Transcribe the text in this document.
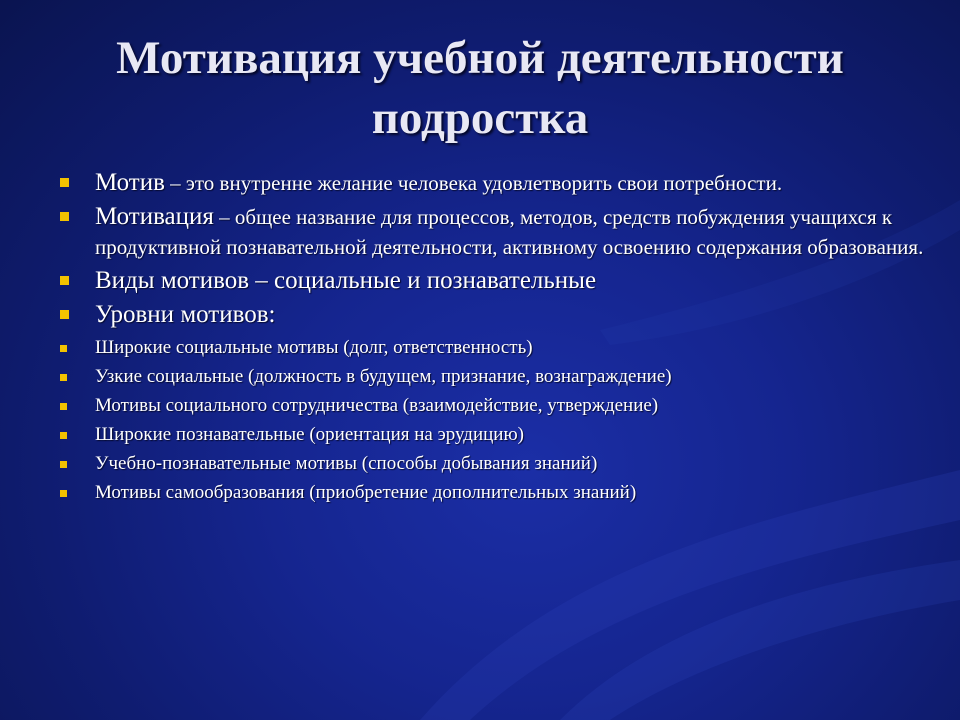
Мотивация учебной деятельности подростка
Мотив – это внутренне желание человека удовлетворить свои потребности.
Мотивация – общее название для процессов, методов, средств побуждения учащихся к продуктивной познавательной деятельности, активному освоению содержания образования.
Виды мотивов – социальные и познавательные
Уровни мотивов:
Широкие социальные мотивы (долг, ответственность)
Узкие социальные (должность в будущем, признание, вознаграждение)
Мотивы социального сотрудничества (взаимодействие, утверждение)
Широкие познавательные (ориентация на эрудицию)
Учебно-познавательные мотивы (способы добывания знаний)
Мотивы самообразования (приобретение дополнительных знаний)
